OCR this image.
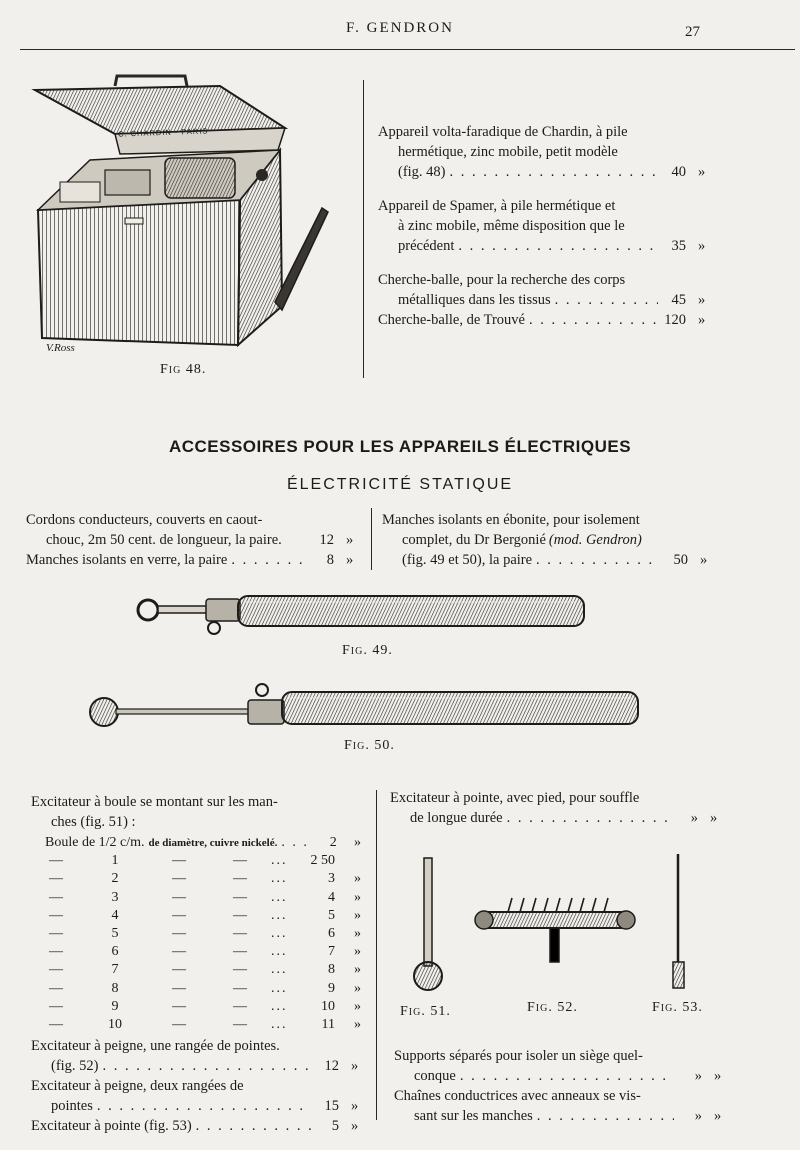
F. GENDRON	27
C. CHARDIN · PARIS
V.Ross
Fig 48.
Appareil volta-faradique de Chardin, à pile
hermétique, zinc mobile, petit modèle
(fig. 48) . . .	40 »
Appareil de Spamer, à pile hermétique et
à zinc mobile, même disposition que le
précédent . . .	35 »
Cherche-balle, pour la recherche des corps
métalliques dans les tissus . . .	45 »
Cherche-balle, de Trouvé . . .	120 »
ACCESSOIRES POUR LES APPAREILS ÉLECTRIQUES
ÉLECTRICITÉ STATIQUE
Cordons conducteurs, couverts en caout-
chouc, 2m 50 cent. de longueur, la paire.	12 »
Manches isolants en verre, la paire . . .	8 »
Manches isolants en ébonite, pour isolement
complet, du Dr Bergonié (mod. Gendron)
(fig. 49 et 50), la paire . . .	50 »
Fig. 49.
Fig. 50.
Excitateur à boule se montant sur les man-
ches (fig. 51) :
Boule de 1/2 c/m. de diamètre, cuivre nickelé. . . .	2	»
—	1	—	—	...	2 50
—	2	—	—	...	3	»
—	3	—	—	...	4	»
—	4	—	—	...	5	»
—	5	—	—	...	6	»
—	6	—	—	...	7	»
—	7	—	—	...	8	»
—	8	—	—	...	9	»
—	9	—	—	...	10	»
—	10	—	—	...	11	»
Excitateur à peigne, une rangée de pointes.
(fig. 52) . . .	12 »
Excitateur à peigne, deux rangées de
pointes . . .	15 »
Excitateur à pointe (fig. 53) . . .	5 »
Excitateur à pointe, avec pied, pour souffle
de longue durée . . .	» »
Fig. 51.	Fig. 52.	Fig. 53.
Supports séparés pour isoler un siège quel-
conque . . .	» »
Chaînes conductrices avec anneaux se vis-
sant sur les manches . . .	» »
